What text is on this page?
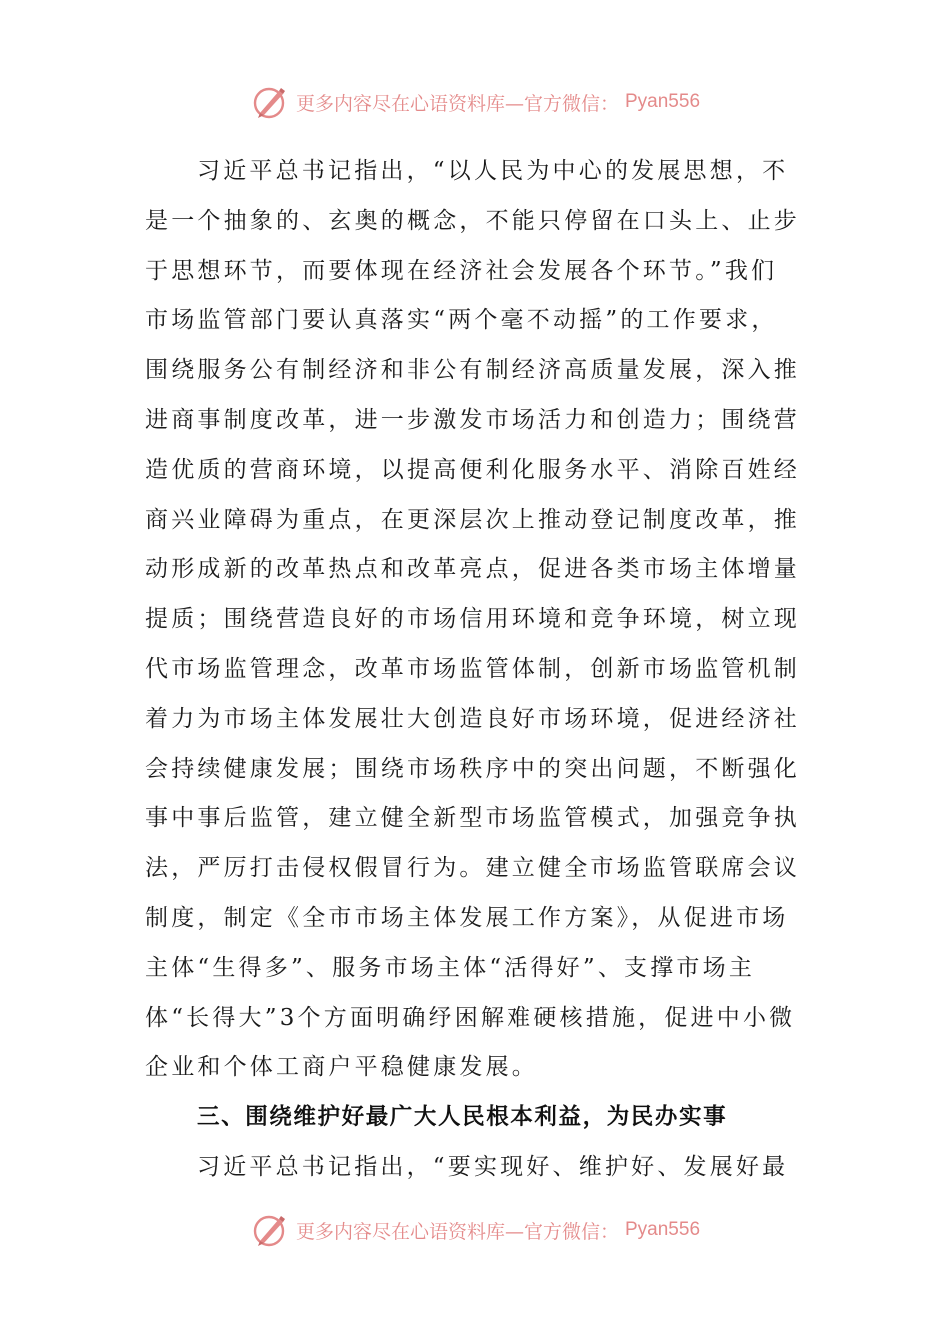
更多内容尽在心语资料库—官方微信： Pyan556
习近平总书记指出，“以人民为中心的发展思想，不
是一个抽象的、玄奥的概念，不能只停留在口头上、止步
于思想环节，而要体现在经济社会发展各个环节。”我们
市场监管部门要认真落实“两个毫不动摇”的工作要求，
围绕服务公有制经济和非公有制经济高质量发展，深入推
进商事制度改革，进一步激发市场活力和创造力；围绕营
造优质的营商环境，以提高便利化服务水平、消除百姓经
商兴业障碍为重点，在更深层次上推动登记制度改革，推
动形成新的改革热点和改革亮点，促进各类市场主体增量
提质；围绕营造良好的市场信用环境和竞争环境，树立现
代市场监管理念，改革市场监管体制，创新市场监管机制
着力为市场主体发展壮大创造良好市场环境，促进经济社
会持续健康发展；围绕市场秩序中的突出问题，不断强化
事中事后监管，建立健全新型市场监管模式，加强竞争执
法，严厉打击侵权假冒行为。建立健全市场监管联席会议
制度，制定《全市市场主体发展工作方案》，从促进市场
主体“生得多”、服务市场主体“活得好”、支撑市场主
体“长得大”3个方面明确纾困解难硬核措施，促进中小微
企业和个体工商户平稳健康发展。
三、围绕维护好最广大人民根本利益，为民办实事
习近平总书记指出，“要实现好、维护好、发展好最
更多内容尽在心语资料库—官方微信： Pyan556
